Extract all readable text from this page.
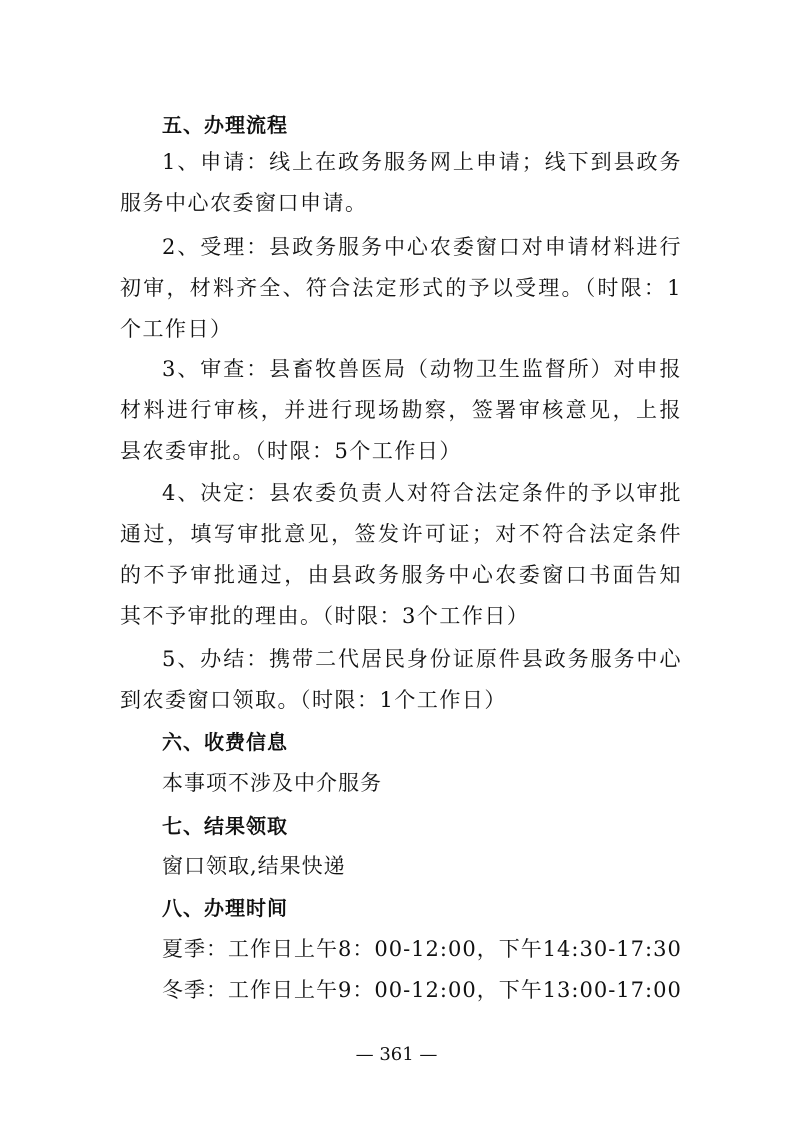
五、办理流程

1、申请：线上在政务服务网上申请；线下到县政务服务中心农委窗口申请。

2、受理：县政务服务中心农委窗口对申请材料进行初审，材料齐全、符合法定形式的予以受理。（时限：1个工作日）

3、审查：县畜牧兽医局（动物卫生监督所）对申报材料进行审核，并进行现场勘察，签署审核意见，上报县农委审批。（时限：5个工作日）

4、决定：县农委负责人对符合法定条件的予以审批通过，填写审批意见，签发许可证；对不符合法定条件的不予审批通过，由县政务服务中心农委窗口书面告知其不予审批的理由。（时限：3个工作日）

5、办结：携带二代居民身份证原件县政务服务中心到农委窗口领取。（时限：1个工作日）

六、收费信息

本事项不涉及中介服务

七、结果领取

窗口领取,结果快递

八、办理时间

夏季：工作日上午8：00-12:00，下午14:30-17:30

冬季：工作日上午9：00-12:00，下午13:00-17:00

— 361 —
